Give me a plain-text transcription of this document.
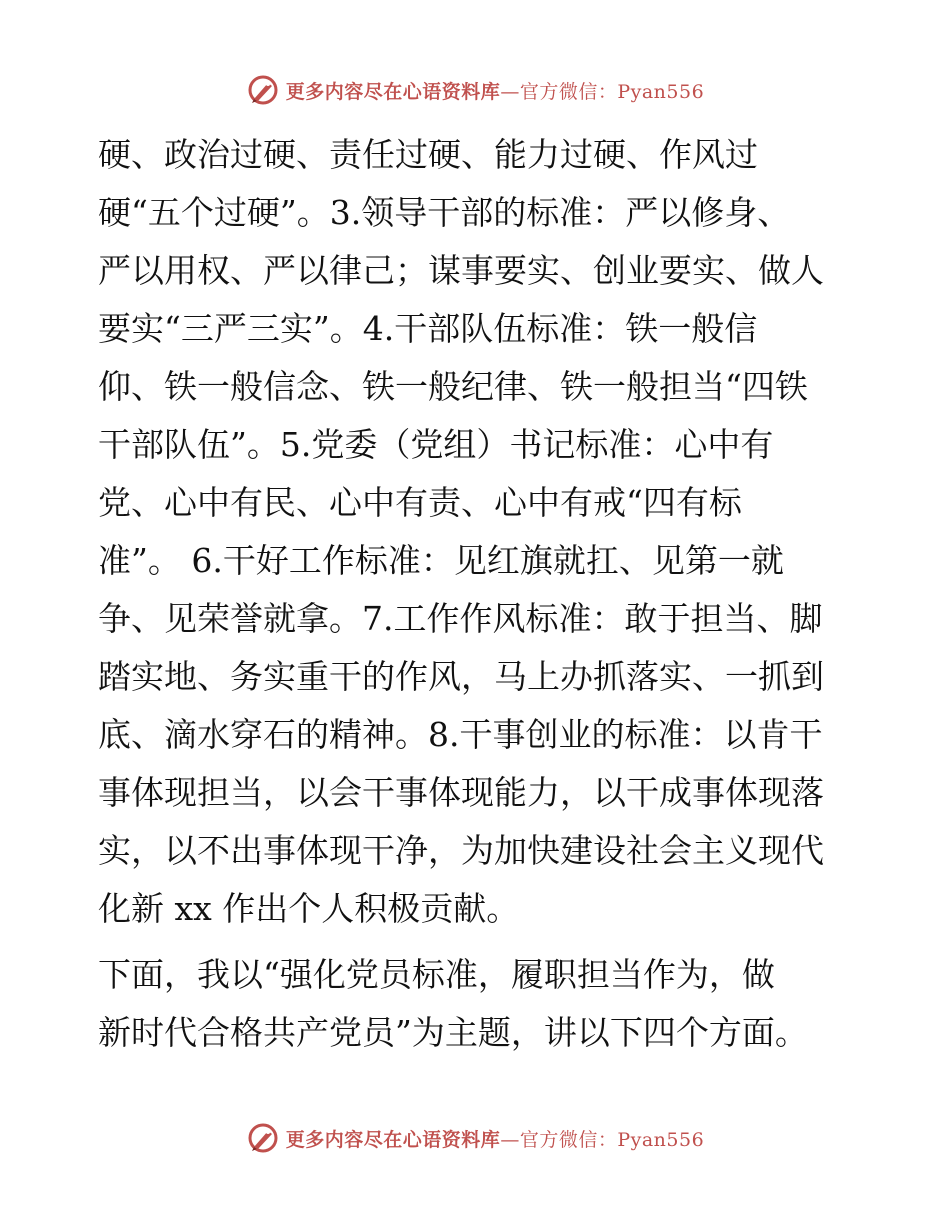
更多内容尽在心语资料库—官方微信：Pyan556
硬、政治过硬、责任过硬、能力过硬、作风过
硬“五个过硬”。3.领导干部的标准：严以修身、
严以用权、严以律己；谋事要实、创业要实、做人
要实“三严三实”。4.干部队伍标准：铁一般信
仰、铁一般信念、铁一般纪律、铁一般担当“四铁
干部队伍”。5.党委（党组）书记标准：心中有
党、心中有民、心中有责、心中有戒“四有标
准”。 6.干好工作标准：见红旗就扛、见第一就
争、见荣誉就拿。7.工作作风标准：敢于担当、脚
踏实地、务实重干的作风，马上办抓落实、一抓到
底、滴水穿石的精神。8.干事创业的标准：以肯干
事体现担当，以会干事体现能力，以干成事体现落
实，以不出事体现干净，为加快建设社会主义现代
化新 xx 作出个人积极贡献。
下面，我以“强化党员标准，履职担当作为，做
新时代合格共产党员”为主题，讲以下四个方面。
更多内容尽在心语资料库—官方微信：Pyan556
